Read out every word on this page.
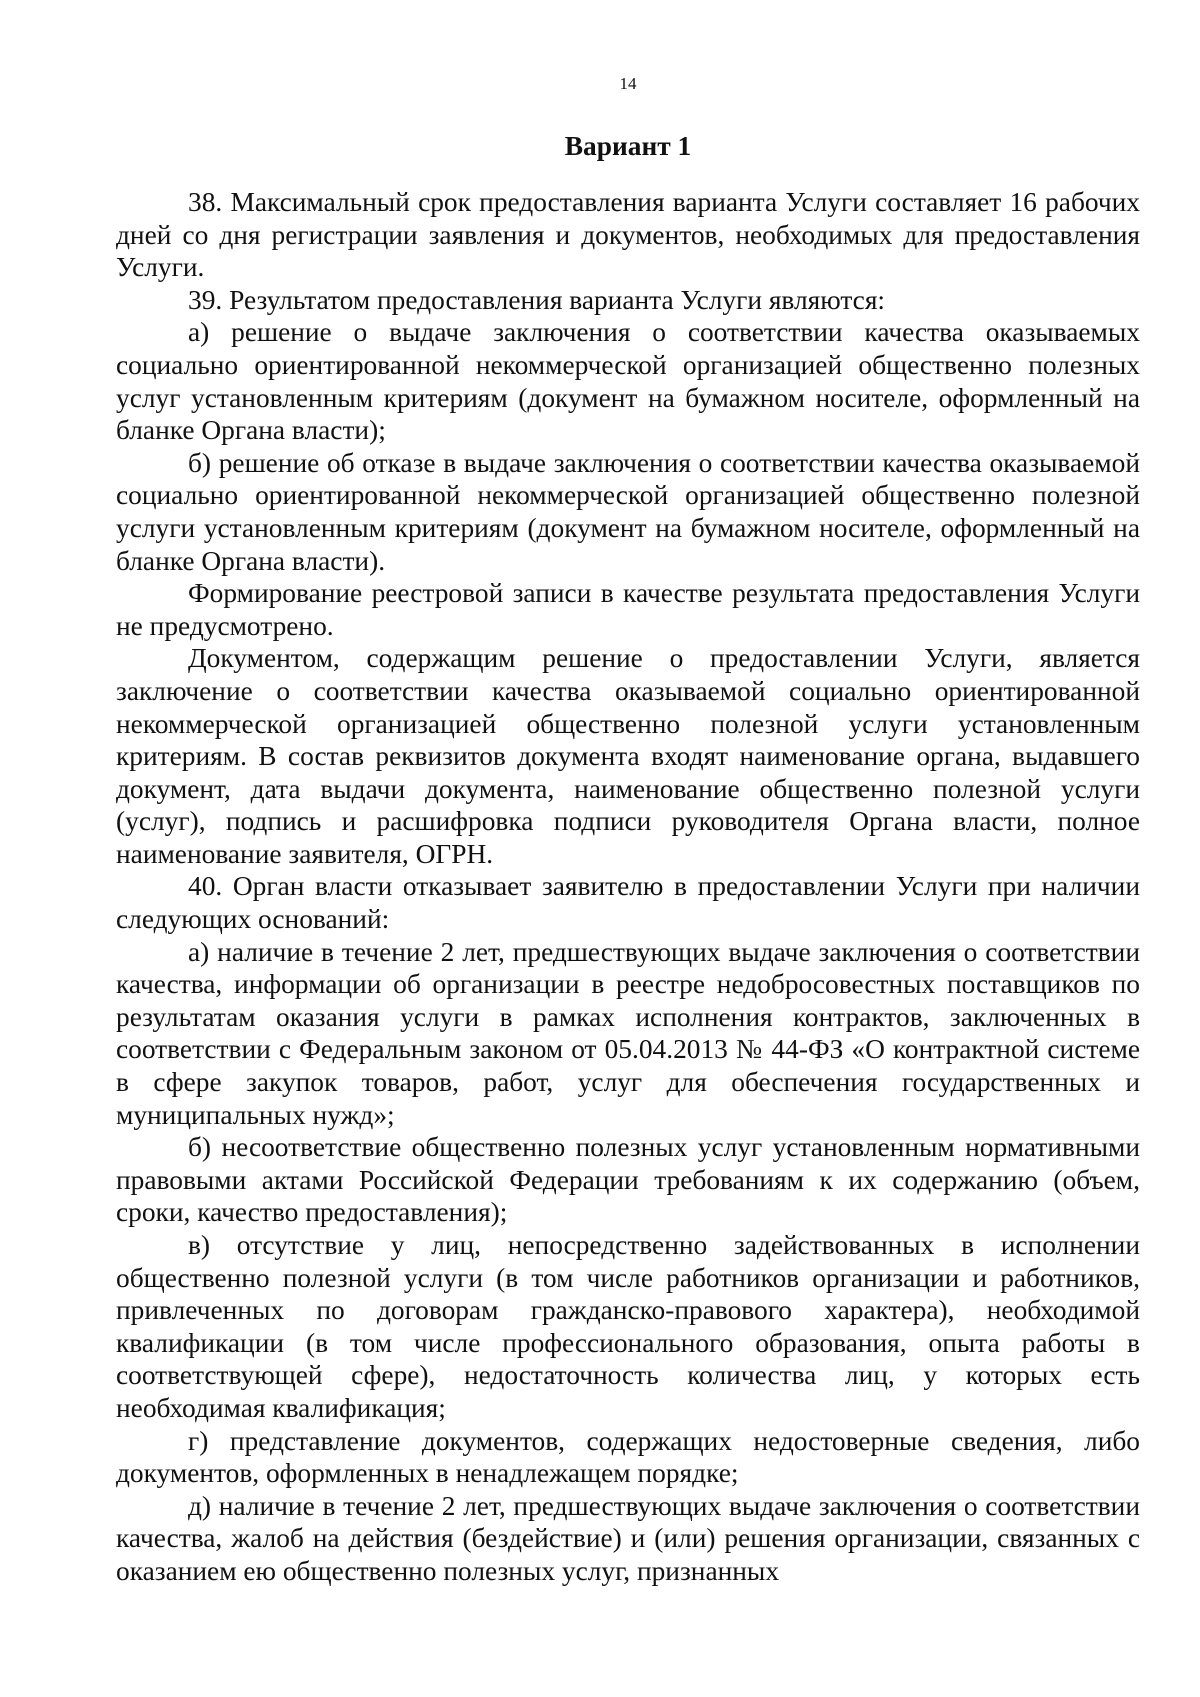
14
Вариант 1

38. Максимальный срок предоставления варианта Услуги составляет 16 рабочих дней со дня регистрации заявления и документов, необходимых для предоставления Услуги.

39. Результатом предоставления варианта Услуги являются:

а) решение о выдаче заключения о соответствии качества оказываемых социально ориентированной некоммерческой организацией общественно полезных услуг установленным критериям (документ на бумажном носителе, оформленный на бланке Органа власти);

б) решение об отказе в выдаче заключения о соответствии качества оказываемой социально ориентированной некоммерческой организацией общественно полезной услуги установленным критериям (документ на бумажном носителе, оформленный на бланке Органа власти).

Формирование реестровой записи в качестве результата предоставления Услуги не предусмотрено.

Документом, содержащим решение о предоставлении Услуги, является заключение о соответствии качества оказываемой социально ориентированной некоммерческой организацией общественно полезной услуги установленным критериям. В состав реквизитов документа входят наименование органа, выдавшего документ, дата выдачи документа, наименование общественно полезной услуги (услуг), подпись и расшифровка подписи руководителя Органа власти, полное наименование заявителя, ОГРН.

40. Орган власти отказывает заявителю в предоставлении Услуги при наличии следующих оснований:

а) наличие в течение 2 лет, предшествующих выдаче заключения о соответствии качества, информации об организации в реестре недобросовестных поставщиков по результатам оказания услуги в рамках исполнения контрактов, заключенных в соответствии с Федеральным законом от 05.04.2013 № 44-ФЗ «О контрактной системе в сфере закупок товаров, работ, услуг для обеспечения государственных и муниципальных нужд»;

б) несоответствие общественно полезных услуг установленным нормативными правовыми актами Российской Федерации требованиям к их содержанию (объем, сроки, качество предоставления);

в) отсутствие у лиц, непосредственно задействованных в исполнении общественно полезной услуги (в том числе работников организации и работников, привлеченных по договорам гражданско-правового характера), необходимой квалификации (в том числе профессионального образования, опыта работы в соответствующей сфере), недостаточность количества лиц, у которых есть необходимая квалификация;

г) представление документов, содержащих недостоверные сведения, либо документов, оформленных в ненадлежащем порядке;

д) наличие в течение 2 лет, предшествующих выдаче заключения о соответствии качества, жалоб на действия (бездействие) и (или) решения организации, связанных с оказанием ею общественно полезных услуг, признанных
